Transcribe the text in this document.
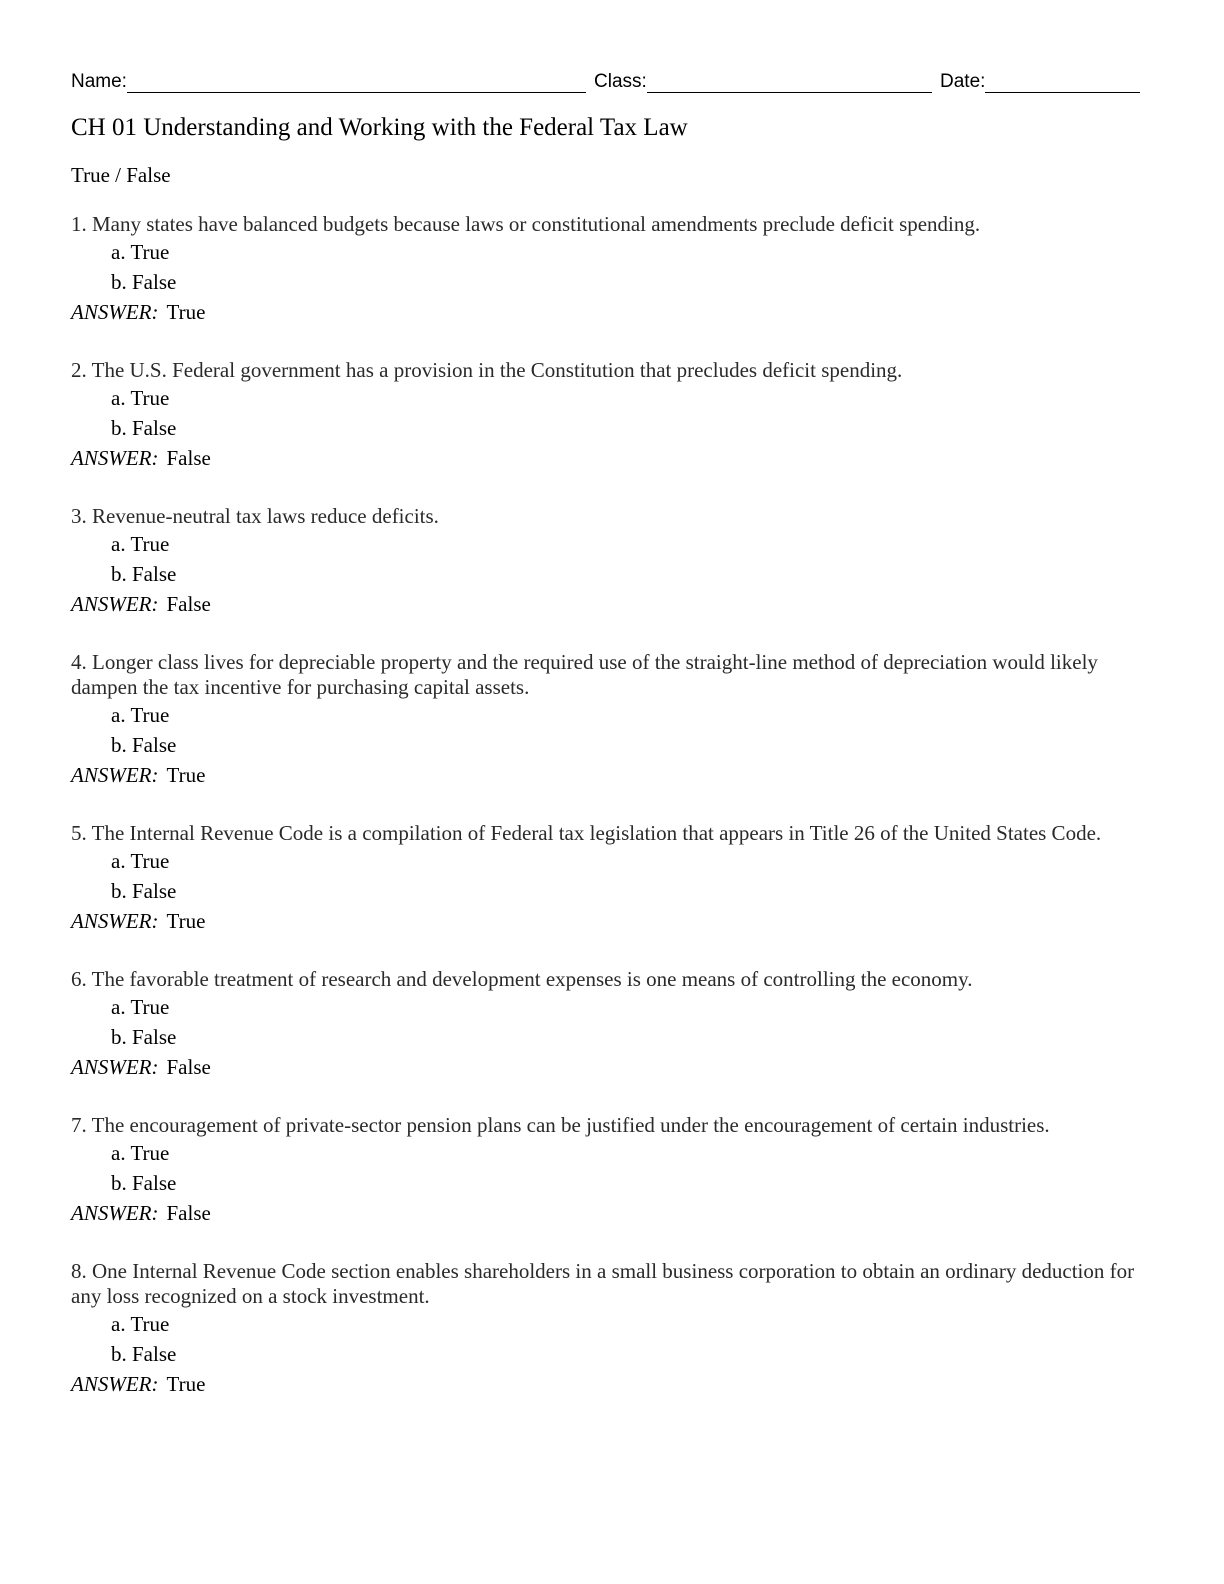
Name:	Class:	Date:
CH 01 Understanding and Working with the Federal Tax Law
True / False
1. Many states have balanced budgets because laws or constitutional amendments preclude deficit spending.
a. True
b. False
ANSWER: True
2. The U.S. Federal government has a provision in the Constitution that precludes deficit spending.
a. True
b. False
ANSWER: False
3. Revenue-neutral tax laws reduce deficits.
a. True
b. False
ANSWER: False
4. Longer class lives for depreciable property and the required use of the straight-line method of depreciation would likely dampen the tax incentive for purchasing capital assets.
a. True
b. False
ANSWER: True
5. The Internal Revenue Code is a compilation of Federal tax legislation that appears in Title 26 of the United States Code.
a. True
b. False
ANSWER: True
6. The favorable treatment of research and development expenses is one means of controlling the economy.
a. True
b. False
ANSWER: False
7. The encouragement of private-sector pension plans can be justified under the encouragement of certain industries.
a. True
b. False
ANSWER: False
8. One Internal Revenue Code section enables shareholders in a small business corporation to obtain an ordinary deduction for any loss recognized on a stock investment.
a. True
b. False
ANSWER: True
